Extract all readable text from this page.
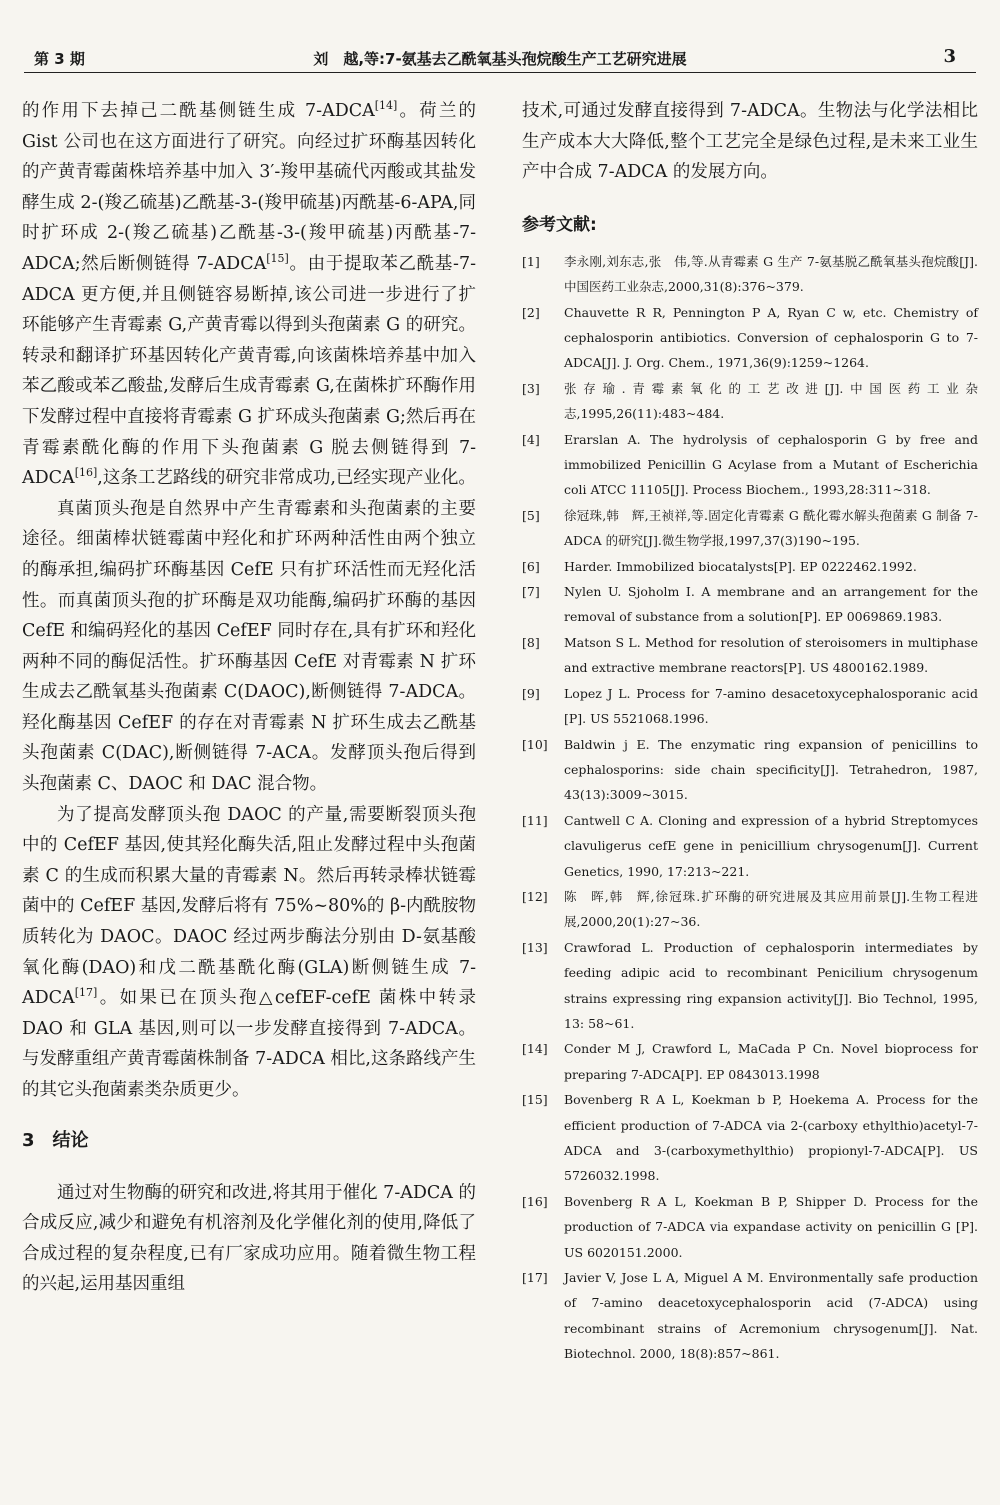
第 3 期	刘　越,等:7-氨基去乙酰氧基头孢烷酸生产工艺研究进展	3

的作用下去掉己二酰基侧链生成 7-ADCA[14]。荷兰的 Gist 公司也在这方面进行了研究。向经过扩环酶基因转化的产黄青霉菌株培养基中加入 3′-羧甲基硫代丙酸或其盐发酵生成 2-(羧乙硫基)乙酰基-3-(羧甲硫基)丙酰基-6-APA,同时扩环成 2-(羧乙硫基)乙酰基-3-(羧甲硫基)丙酰基-7-ADCA;然后断侧链得 7-ADCA[15]。由于提取苯乙酰基-7-ADCA 更方便,并且侧链容易断掉,该公司进一步进行了扩环能够产生青霉素 G,产黄青霉以得到头孢菌素 G 的研究。转录和翻译扩环基因转化产黄青霉,向该菌株培养基中加入苯乙酸或苯乙酸盐,发酵后生成青霉素 G,在菌株扩环酶作用下发酵过程中直接将青霉素 G 扩环成头孢菌素 G;然后再在青霉素酰化酶的作用下头孢菌素 G 脱去侧链得到 7-ADCA[16],这条工艺路线的研究非常成功,已经实现产业化。

真菌顶头孢是自然界中产生青霉素和头孢菌素的主要途径。细菌棒状链霉菌中羟化和扩环两种活性由两个独立的酶承担,编码扩环酶基因 CefE 只有扩环活性而无羟化活性。而真菌顶头孢的扩环酶是双功能酶,编码扩环酶的基因 CefE 和编码羟化的基因 CefEF 同时存在,具有扩环和羟化两种不同的酶促活性。扩环酶基因 CefE 对青霉素 N 扩环生成去乙酰氧基头孢菌素 C(DAOC),断侧链得 7-ADCA。羟化酶基因 CefEF 的存在对青霉素 N 扩环生成去乙酰基头孢菌素 C(DAC),断侧链得 7-ACA。发酵顶头孢后得到头孢菌素 C、DAOC 和 DAC 混合物。

为了提高发酵顶头孢 DAOC 的产量,需要断裂顶头孢中的 CefEF 基因,使其羟化酶失活,阻止发酵过程中头孢菌素 C 的生成而积累大量的青霉素 N。然后再转录棒状链霉菌中的 CefEF 基因,发酵后将有 75%~80%的 β-内酰胺物质转化为 DAOC。DAOC 经过两步酶法分别由 D-氨基酸氧化酶(DAO)和戊二酰基酰化酶(GLA)断侧链生成 7-ADCA[17]。如果已在顶头孢△cefEF-cefE 菌株中转录 DAO 和 GLA 基因,则可以一步发酵直接得到 7-ADCA。与发酵重组产黄青霉菌株制备 7-ADCA 相比,这条路线产生的其它头孢菌素类杂质更少。

3　结论

通过对生物酶的研究和改进,将其用于催化 7-ADCA 的合成反应,减少和避免有机溶剂及化学催化剂的使用,降低了合成过程的复杂程度,已有厂家成功应用。随着微生物工程的兴起,运用基因重组

技术,可通过发酵直接得到 7-ADCA。生物法与化学法相比生产成本大大降低,整个工艺完全是绿色过程,是未来工业生产中合成 7-ADCA 的发展方向。

参考文献:
[1]	李永刚,刘东志,张　伟,等.从青霉素 G 生产 7-氨基脱乙酰氧基头孢烷酸[J].中国医药工业杂志,2000,31(8):376~379.
[2]	Chauvette R R, Pennington P A, Ryan C w, etc. Chemistry of cephalosporin antibiotics. Conversion of cephalosporin G to 7-ADCA[J]. J. Org. Chem., 1971,36(9):1259~1264.
[3]	张存瑜.青霉素氧化的工艺改进[J].中国医药工业杂志,1995,26(11):483~484.
[4]	Erarslan A. The hydrolysis of cephalosporin G by free and immobilized Penicillin G Acylase from a Mutant of Escherichia coli ATCC 11105[J]. Process Biochem., 1993,28:311~318.
[5]	徐冠珠,韩　辉,王祯祥,等.固定化青霉素 G 酰化霉水解头孢菌素 G 制备 7-ADCA 的研究[J].微生物学报,1997,37(3)190~195.
[6]	Harder. Immobilized biocatalysts[P]. EP 0222462.1992.
[7]	Nylen U. Sjoholm I. A membrane and an arrangement for the removal of substance from a solution[P]. EP 0069869.1983.
[8]	Matson S L. Method for resolution of steroisomers in multiphase and extractive membrane reactors[P]. US 4800162.1989.
[9]	Lopez J L. Process for 7-amino desacetoxycephalosporanic acid [P]. US 5521068.1996.
[10]	Baldwin j E. The enzymatic ring expansion of penicillins to cephalosporins: side chain specificity[J]. Tetrahedron, 1987, 43(13):3009~3015.
[11]	Cantwell C A. Cloning and expression of a hybrid Streptomyces clavuligerus cefE gene in penicillium chrysogenum[J]. Current Genetics, 1990, 17:213~221.
[12]	陈　晖,韩　辉,徐冠珠.扩环酶的研究进展及其应用前景[J].生物工程进展,2000,20(1):27~36.
[13]	Crawforad L. Production of cephalosporin intermediates by feeding adipic acid to recombinant Penicilium chrysogenum strains expressing ring expansion activity[J]. Bio Technol, 1995, 13: 58~61.
[14]	Conder M J, Crawford L, MaCada P Cn. Novel bioprocess for preparing 7-ADCA[P]. EP 0843013.1998
[15]	Bovenberg R A L, Koekman b P, Hoekema A. Process for the efficient production of 7-ADCA via 2-(carboxy ethylthio)acetyl-7-ADCA and 3-(carboxymethylthio) propionyl-7-ADCA[P]. US 5726032.1998.
[16]	Bovenberg R A L, Koekman B P, Shipper D. Process for the production of 7-ADCA via expandase activity on penicillin G [P]. US 6020151.2000.
[17]	Javier V, Jose L A, Miguel A M. Environmentally safe production of 7-amino deacetoxycephalosporin acid (7-ADCA) using recombinant strains of Acremonium chrysogenum[J]. Nat. Biotechnol. 2000, 18(8):857~861.
